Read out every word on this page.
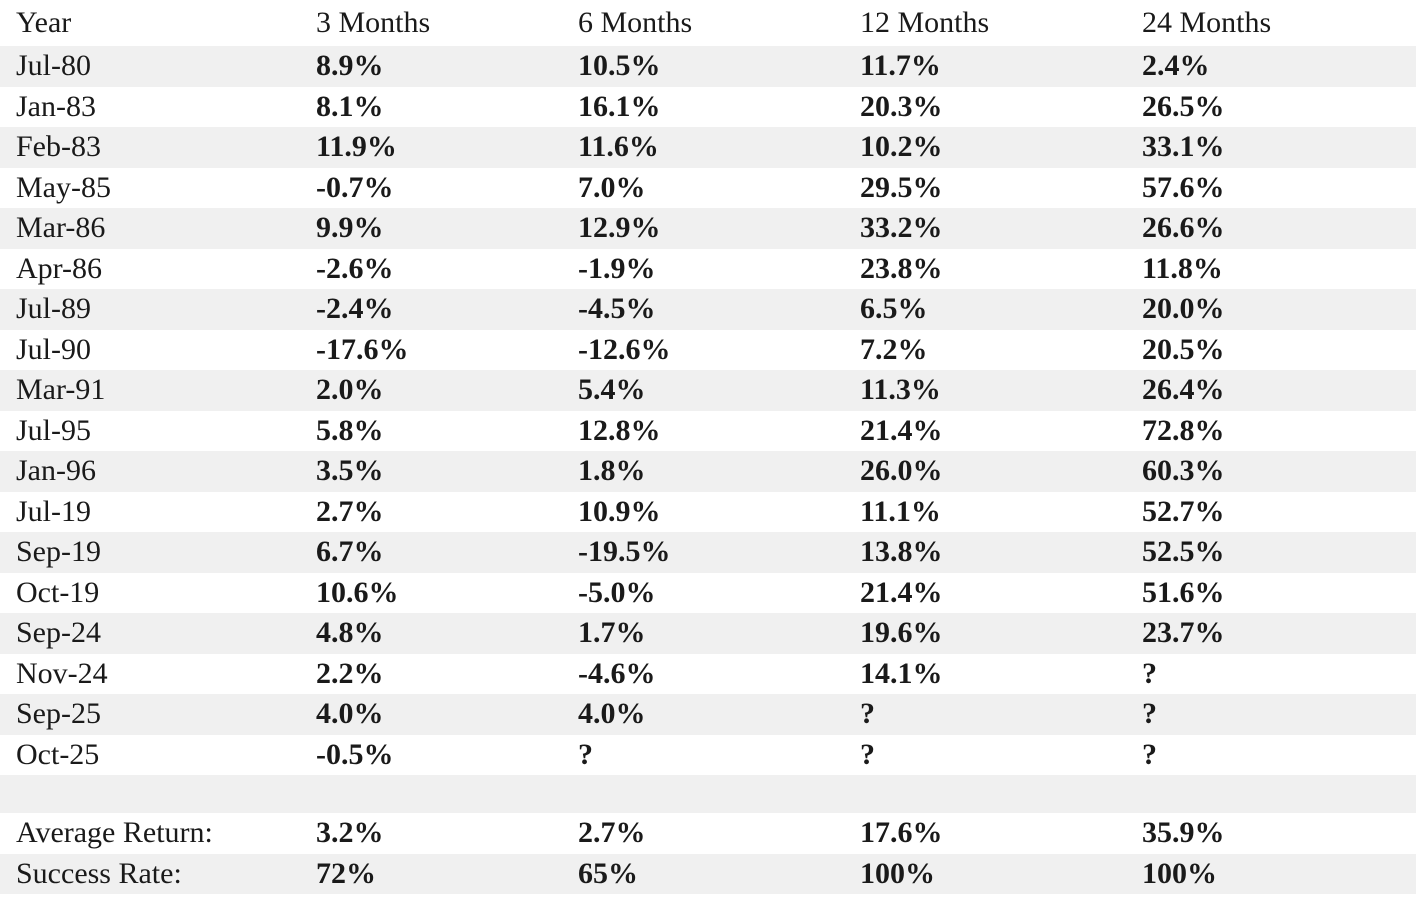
Year	3 Months	6 Months	12 Months	24 Months
Jul-80	8.9%	10.5%	11.7%	2.4%
Jan-83	8.1%	16.1%	20.3%	26.5%
Feb-83	11.9%	11.6%	10.2%	33.1%
May-85	-0.7%	7.0%	29.5%	57.6%
Mar-86	9.9%	12.9%	33.2%	26.6%
Apr-86	-2.6%	-1.9%	23.8%	11.8%
Jul-89	-2.4%	-4.5%	6.5%	20.0%
Jul-90	-17.6%	-12.6%	7.2%	20.5%
Mar-91	2.0%	5.4%	11.3%	26.4%
Jul-95	5.8%	12.8%	21.4%	72.8%
Jan-96	3.5%	1.8%	26.0%	60.3%
Jul-19	2.7%	10.9%	11.1%	52.7%
Sep-19	6.7%	-19.5%	13.8%	52.5%
Oct-19	10.6%	-5.0%	21.4%	51.6%
Sep-24	4.8%	1.7%	19.6%	23.7%
Nov-24	2.2%	-4.6%	14.1%	?
Sep-25	4.0%	4.0%	?	?
Oct-25	-0.5%	?	?	?

Average Return:	3.2%	2.7%	17.6%	35.9%
Success Rate:	72%	65%	100%	100%
